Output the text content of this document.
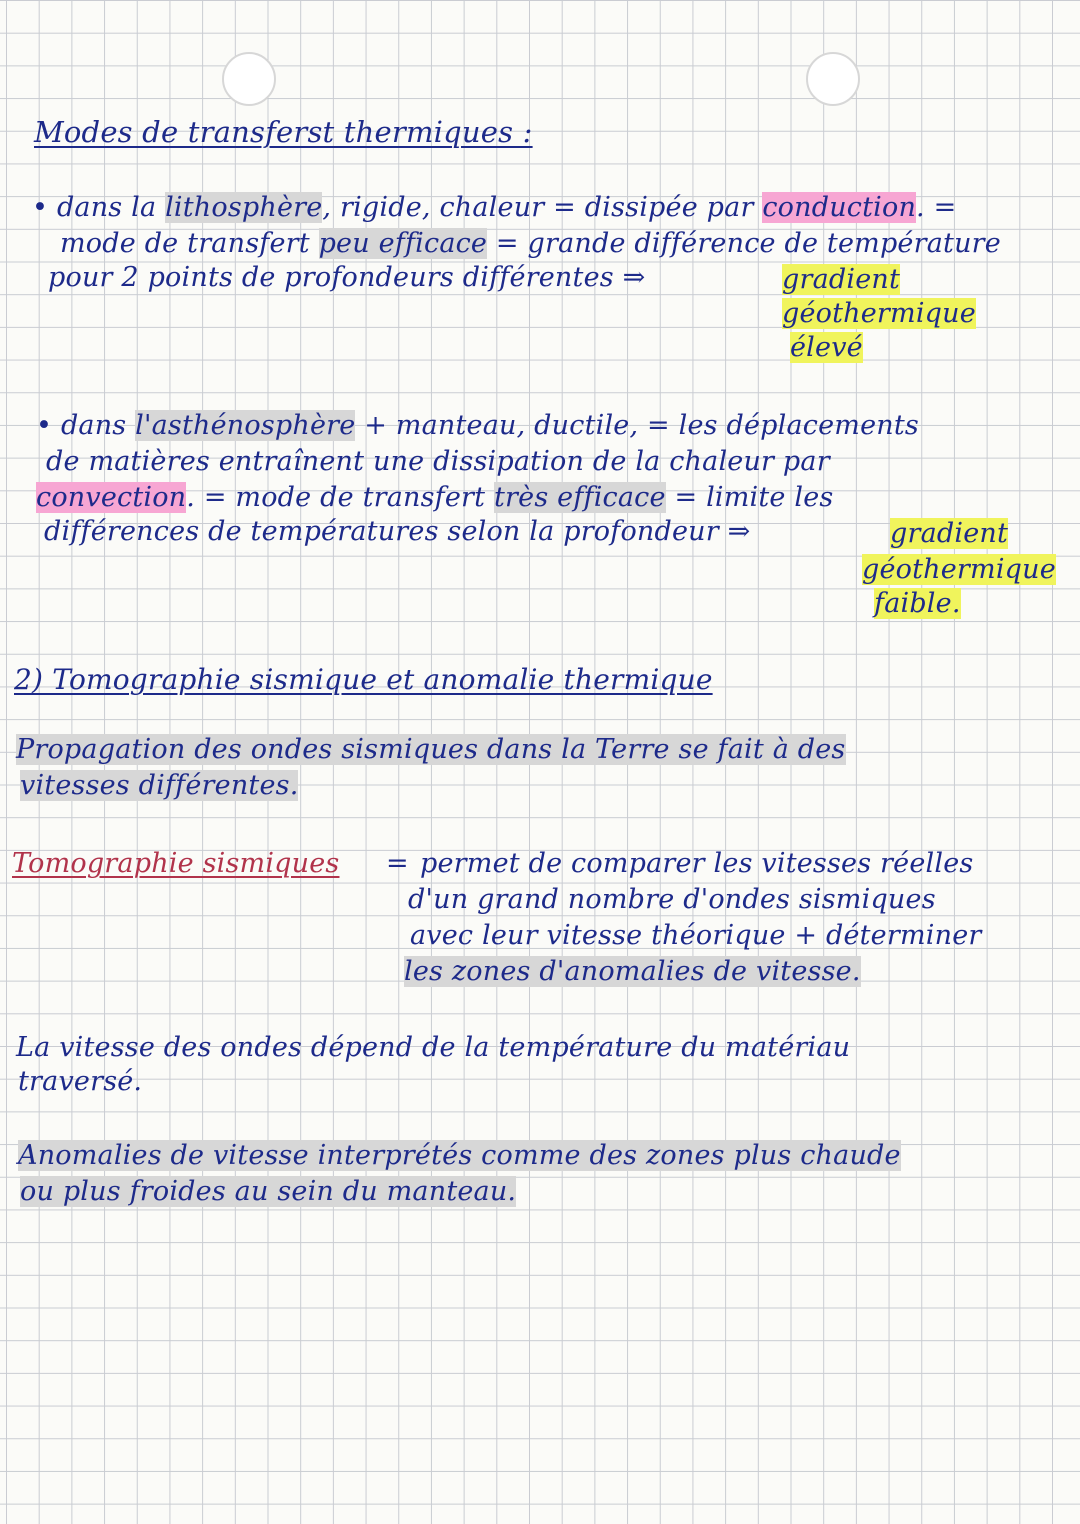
Modes de transferst thermiques :
• dans la lithosphère, rigide, chaleur = dissipée par conduction. =
mode de transfert peu efficace = grande différence de température
pour 2 points de profondeurs différentes ⇒	gradient
géothermique
élevé
• dans l'asthénosphère + manteau, ductile, = les déplacements
de matières entraînent une dissipation de la chaleur par
convection. = mode de transfert très efficace = limite les
différences de températures selon la profondeur ⇒	gradient
géothermique
faible.
2) Tomographie sismique et anomalie thermique
Propagation des ondes sismiques dans la Terre se fait à des
vitesses différentes.
Tomographie sismiques = permet de comparer les vitesses réelles
d'un grand nombre d'ondes sismiques
avec leur vitesse théorique + déterminer
les zones d'anomalies de vitesse.
La vitesse des ondes dépend de la température du matériau
traversé.
Anomalies de vitesse interprétés comme des zones plus chaude
ou plus froides au sein du manteau.
